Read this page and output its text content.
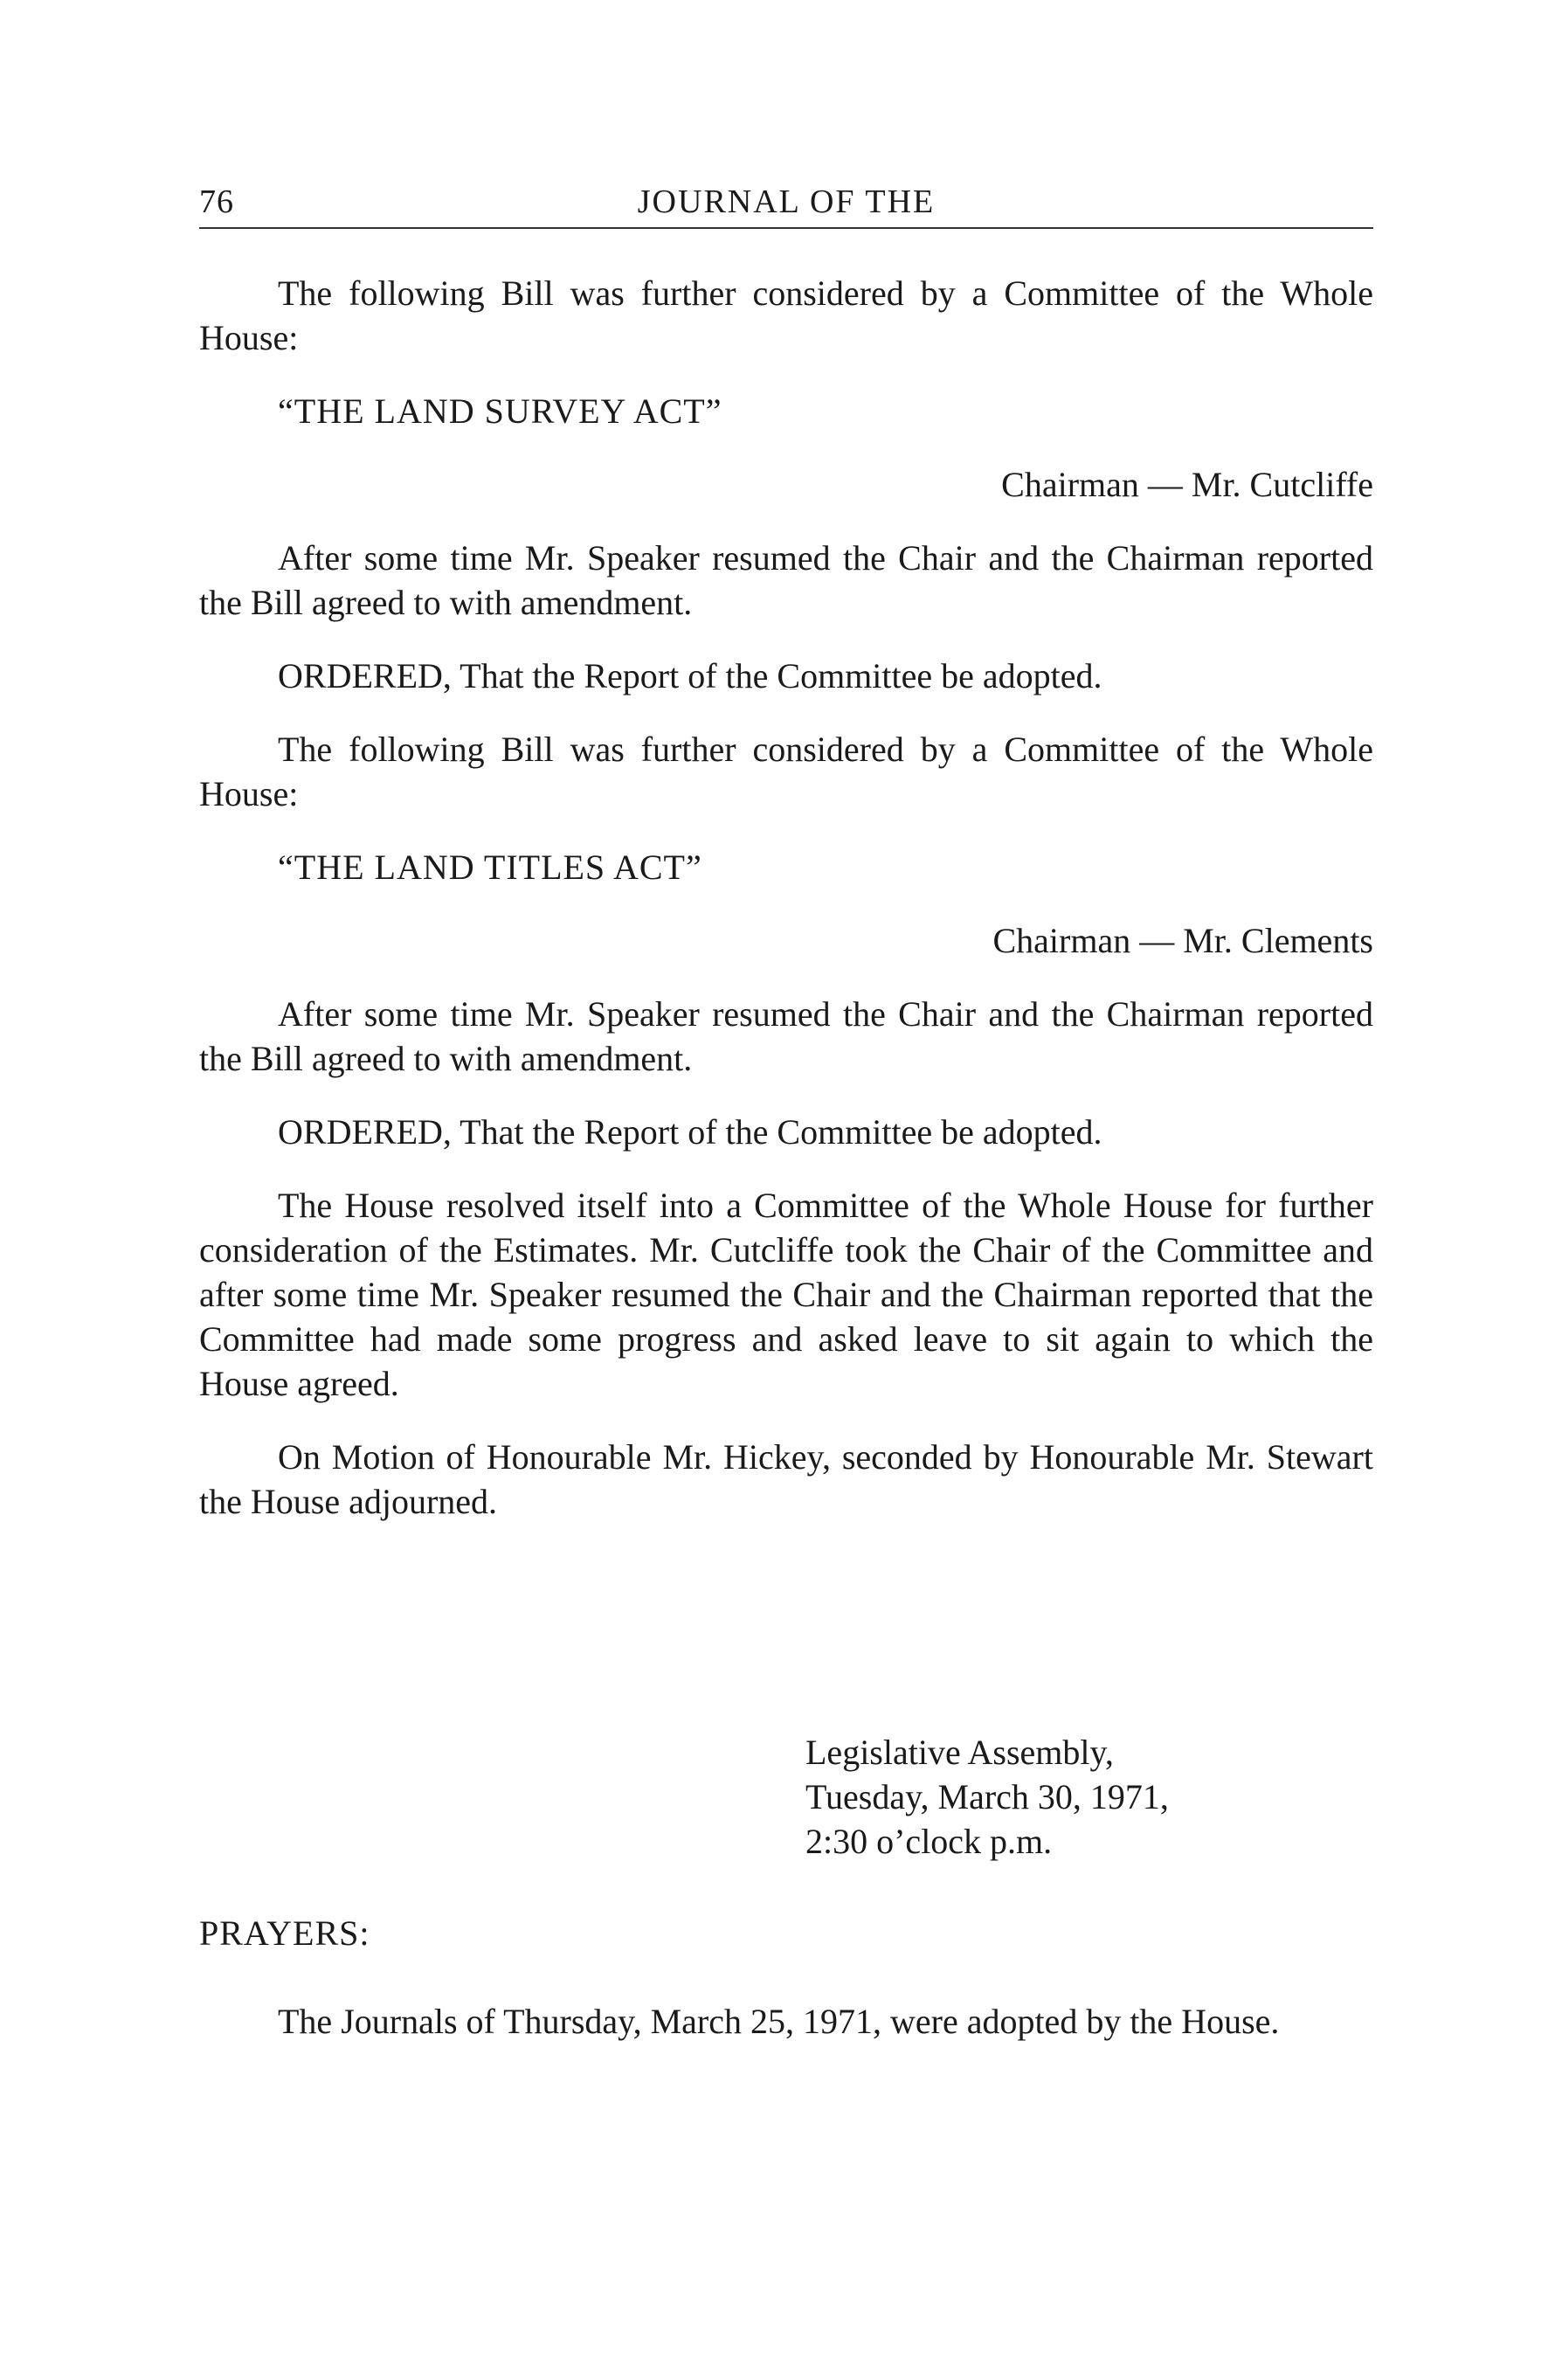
76	JOURNAL OF THE

The following Bill was further considered by a Committee of the Whole House:

“THE LAND SURVEY ACT”
Chairman — Mr. Cutcliffe

After some time Mr. Speaker resumed the Chair and the Chairman reported the Bill agreed to with amendment.

ORDERED, That the Report of the Committee be adopted.

The following Bill was further considered by a Committee of the Whole House:

“THE LAND TITLES ACT”
Chairman — Mr. Clements

After some time Mr. Speaker resumed the Chair and the Chairman reported the Bill agreed to with amendment.

ORDERED, That the Report of the Committee be adopted.

The House resolved itself into a Committee of the Whole House for further consideration of the Estimates. Mr. Cutcliffe took the Chair of the Committee and after some time Mr. Speaker resumed the Chair and the Chairman reported that the Committee had made some progress and asked leave to sit again to which the House agreed.

On Motion of Honourable Mr. Hickey, seconded by Honourable Mr. Stewart the House adjourned.

Legislative Assembly,
Tuesday, March 30, 1971,
2:30 o’clock p.m.
PRAYERS:

The Journals of Thursday, March 25, 1971, were adopted by the House.
